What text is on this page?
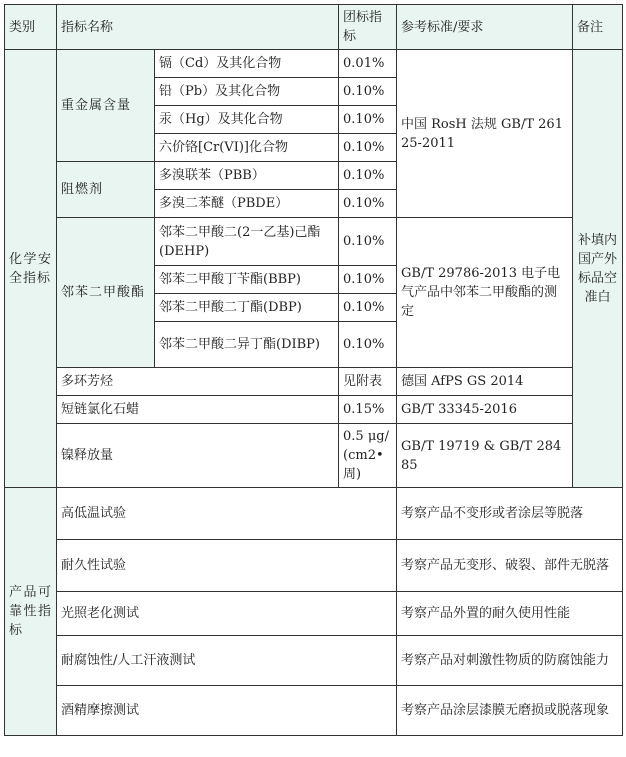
类别	指标名称		团标指标	参考标准/要求	备注
化学安全指标	重金属含量	镉（Cd）及其化合物	0.01%	中国 RosH 法规 GB/T 26125-2011	补填内国产外标品空准白
		铅（Pb）及其化合物	0.10%		
		汞（Hg）及其化合物	0.10%		
		六价铬[Cr(VI)]化合物	0.10%		
	阻燃剂	多溴联苯（PBB）	0.10%		
		多溴二苯醚（PBDE）	0.10%		
	邻苯二甲酸酯	邻苯二甲酸二(2一乙基)己酯(DEHP)	0.10%	GB/T 29786-2013 电子电气产品中邻苯二甲酸酯的测定	
		邻苯二甲酸丁苄酯(BBP)	0.10%		
		邻苯二甲酸二丁酯(DBP)	0.10%		
		邻苯二甲酸二异丁酯(DIBP)	0.10%		
	多环芳烃		见附表	德国 AfPS GS 2014	
	短链氯化石蜡		0.15%	GB/T 33345-2016	
	镍释放量		0.5 μg/(cm2•周)	GB/T 19719 & GB/T 28485	
产品可靠性指标	高低温试验			考察产品不变形或者涂层等脱落	
	耐久性试验			考察产品无变形、破裂、部件无脱落	
	光照老化测试			考察产品外置的耐久使用性能	
	耐腐蚀性/人工汗液测试			考察产品对刺激性物质的防腐蚀能力	
	酒精摩擦测试			考察产品涂层漆膜无磨损或脱落现象	
